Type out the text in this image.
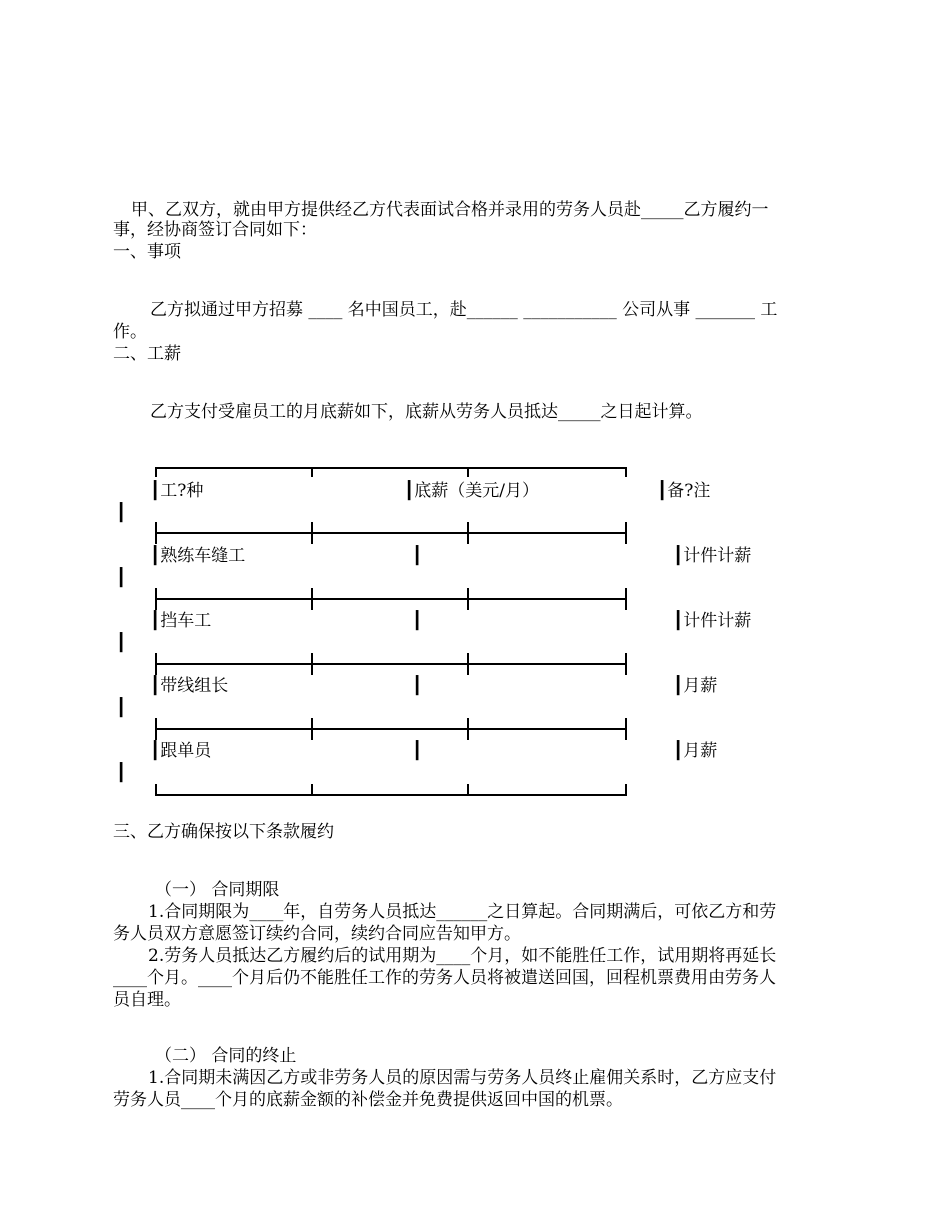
甲、乙双方，就由甲方提供经乙方代表面试合格并录用的劳务人员赴_____乙方履约一
事，经协商签订合同如下：
一、事项
乙方拟通过甲方招募 ____ 名中国员工，赴______ ___________ 公司从事 _______ 工
作。
二、工薪
乙方支付受雇员工的月底薪如下，底薪从劳务人员抵达_____之日起计算。
┃工?种	┃底薪（美元/月）	┃备?注
┃
┃熟练车缝工	┃	┃计件计薪
┃
┃挡车工	┃	┃计件计薪
┃
┃带线组长	┃	┃月薪
┃
┃跟单员	┃	┃月薪
┃
三、乙方确保按以下条款履约
（一） 合同期限
1.合同期限为____年，自劳务人员抵达______之日算起。合同期满后，可依乙方和劳
务人员双方意愿签订续约合同，续约合同应告知甲方。
2.劳务人员抵达乙方履约后的试用期为____个月，如不能胜任工作，试用期将再延长
____个月。____个月后仍不能胜任工作的劳务人员将被遣送回国，回程机票费用由劳务人
员自理。
（二） 合同的终止
1.合同期未满因乙方或非劳务人员的原因需与劳务人员终止雇佣关系时，乙方应支付
劳务人员____个月的底薪金额的补偿金并免费提供返回中国的机票。
